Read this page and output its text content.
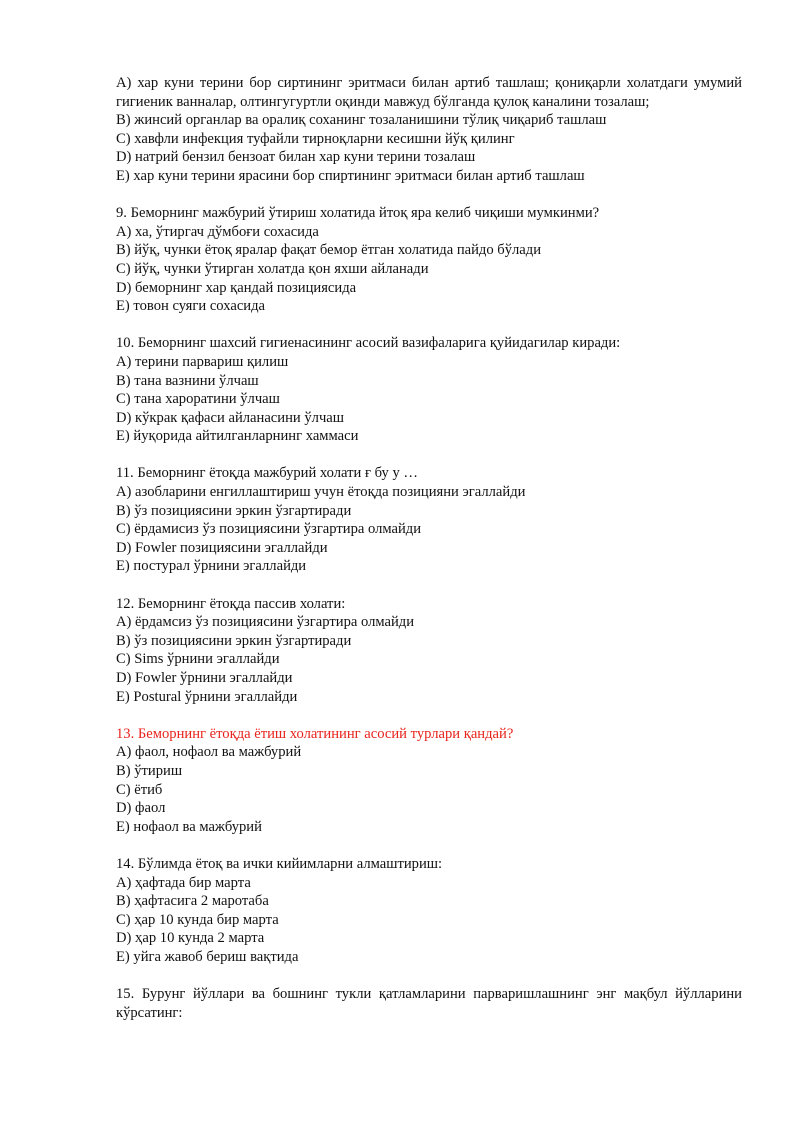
A) хар куни терини бор сиртининг эритмаси билан артиб ташлаш; қониқарли холатдаги умумий гигиеник ванналар, олтингугуртли оқинди мавжуд бўлганда қулоқ каналини тозалаш;
B) жинсий органлар ва оралиқ соханинг тозаланишини тўлиқ чиқариб ташлаш
C) хавфли инфекция туфайли тирноқларни кесишни йўқ қилинг
D) натрий бензил бензоат билан хар куни терини тозалаш
E) хар куни терини ярасини бор спиртининг эритмаси билан артиб ташлаш
9. Беморнинг мажбурий ўтириш холатида йтоқ яра келиб чиқиши мумкинми?
A) ха, ўтиргач дўмбоғи сохасида
B) йўқ, чунки ётоқ яралар фақат бемор ётган холатида пайдо бўлади
C) йўқ, чунки ўтирган холатда қон яхши айланади
D) беморнинг хар қандай позициясида
E) товон суяги сохасида
10. Беморнинг шахсий гигиенасининг асосий вазифаларига қуйидагилар киради:
A) терини парвариш қилиш
B) тана вазнини ўлчаш
C) тана хароратини ўлчаш
D) кўкрак қафаси айланасини ўлчаш
E) йуқорида айтилганларнинг хаммаси
11. Беморнинг ётоқда мажбурий холати ғ бу у …
A) азобларини енгиллаштириш учун ётоқда позицияни эгаллайди
B) ўз позициясини эркин ўзгартиради
C) ёрдамисиз ўз позициясини ўзгартира олмайди
D) Fowler позициясини эгаллайди
E) постурал ўрнини эгаллайди
12. Беморнинг ётоқда пассив холати:
A) ёрдамсиз ўз позициясини ўзгартира олмайди
B) ўз позициясини эркин ўзгартиради
C) Sims ўрнини эгаллайди
D) Fowler ўрнини эгаллайди
E) Postural ўрнини эгаллайди
13. Беморнинг ётоқда ётиш холатининг асосий турлари қандай?
A) фаол, нофаол ва мажбурий
B) ўтириш
C) ётиб
D) фаол
E) нофаол ва мажбурий
14. Бўлимда ётоқ ва ички кийимларни алмаштириш:
A) ҳафтада бир марта
B) ҳафтасига 2 маротаба
C) ҳар 10 кунда бир марта
D) ҳар 10 кунда 2 марта
E) уйга жавоб бериш вақтида
15. Бурунг йўллари ва бошнинг тукли қатламларини парваришлашнинг энг мақбул йўлларини кўрсатинг:
